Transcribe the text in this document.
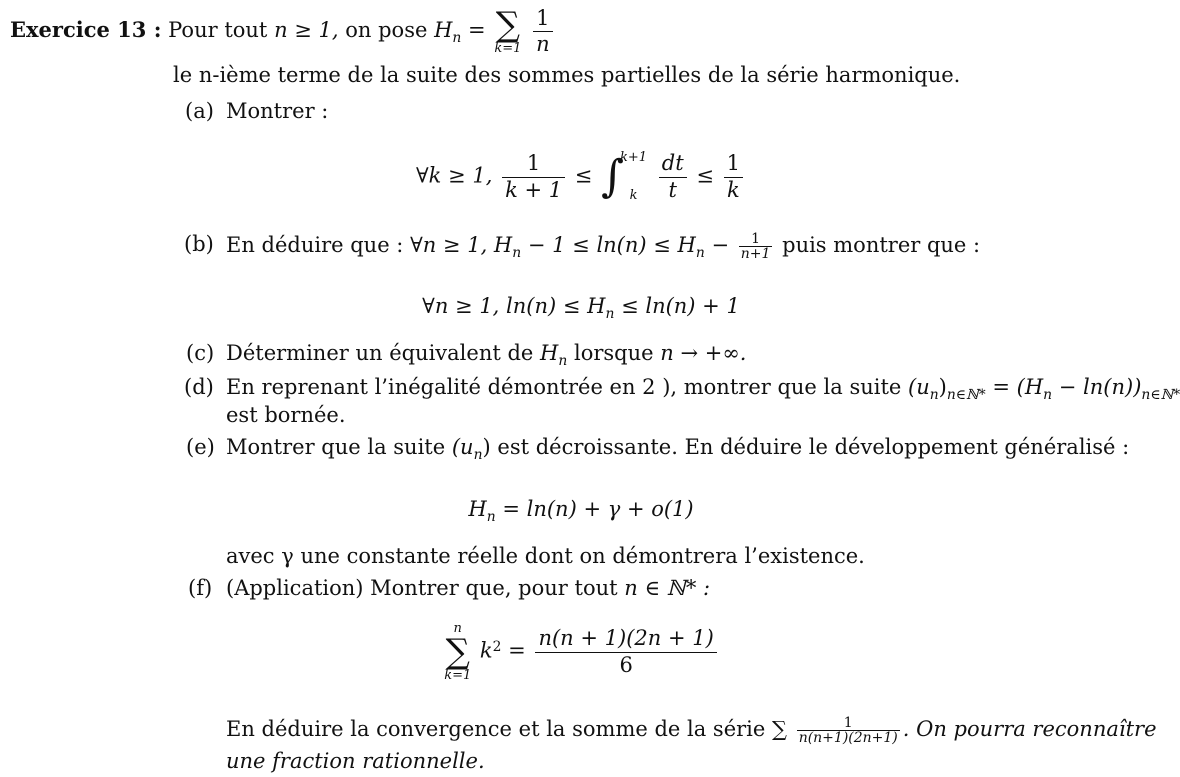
Exercice 13 : Pour tout n ≥ 1, on pose $H_n$ = ∑
k=1
$\frac{1}{n}$
le n-ième terme de la suite des sommes partielles de la série harmonique.
(a) Montrer :
∀k ≥ 1, $\frac{1}{k + 1}$ ≤ ∫
k+1
k
	$\frac{dt}{t} \le \frac{1}{k}$
(b) En déduire que : ∀n ≥ 1, $H_n - 1 \le \ln(n) \le H_n - \frac{1}{n+1}$ puis montrer que :
∀n ≥ 1, $\ln(n) \le H_n \le \ln(n) + 1$
(c) Déterminer un équivalent de $H_n$ lorsque n → +∞.
(d) En reprenant l’inégalité démontrée en 2 ), montrer que la suite $(u_n)_{n\in ℕ*} = (H_n - \ln(n))_{n\in ℕ*}$
est bornée.
(e) Montrer que la suite $(u_n)$ est décroissante. En déduire le développement généralisé :
$H_n = \ln(n) + \gamma + o(1)$
avec γ une constante réelle dont on démontrera l’existence.
(f) (Application) Montrer que, pour tout n ∈ ℕ* :
n
∑
k=1
$k^2 = \frac{n(n + 1)(2n + 1)}{6}$
En déduire la convergence et la somme de la série ∑ $\frac{1}{n(n+1)(2n+1)}$ . On pourra reconnaître
une fraction rationnelle.
